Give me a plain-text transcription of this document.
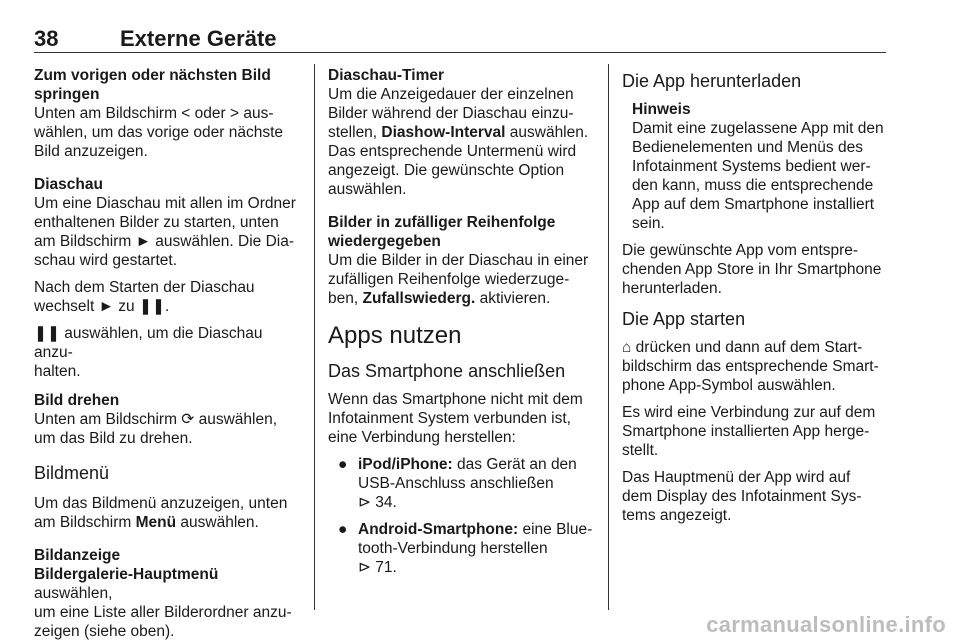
38	Externe Geräte
Zum vorigen oder nächsten Bild
springen
Unten am Bildschirm < oder > aus-
wählen, um das vorige oder nächste
Bild anzuzeigen.
Diaschau

Um eine Diaschau mit allen im Ordner
enthaltenen Bilder zu starten, unten
am Bildschirm ► auswählen. Die Dia-
schau wird gestartet.

Nach dem Starten der Diaschau
wechselt ► zu ❚❚.

❚❚ auswählen, um die Diaschau anzu-
halten.

Bild drehen
Unten am Bildschirm ⟳ auswählen,
um das Bild zu drehen.
Bildmenü
Um das Bildmenü anzuzeigen, unten
am Bildschirm Menü auswählen.
Bildanzeige
Bildergalerie-Hauptmenü auswählen,
um eine Liste aller Bilderordner anzu-
zeigen (siehe oben).
Diaschau-Timer
Um die Anzeigedauer der einzelnen
Bilder während der Diaschau einzu-
stellen, Diashow-Interval auswählen.
Das entsprechende Untermenü wird
angezeigt. Die gewünschte Option
auswählen.
Bilder in zufälliger Reihenfolge
wiedergegeben
Um die Bilder in der Diaschau in einer
zufälligen Reihenfolge wiederzuge-
ben, Zufallswiederg. aktivieren.
Apps nutzen
Das Smartphone anschließen

Wenn das Smartphone nicht mit dem
Infotainment System verbunden ist,
eine Verbindung herstellen:

● iPod/iPhone: das Gerät an den
USB-Anschluss anschließen
⊳ 34.
● Android-Smartphone: eine Blue-
tooth-Verbindung herstellen
⊳ 71.
Die App herunterladen
Hinweis
Damit eine zugelassene App mit den
Bedienelementen und Menüs des
Infotainment Systems bedient wer-
den kann, muss die entsprechende
App auf dem Smartphone installiert
sein.

Die gewünschte App vom entspre-
chenden App Store in Ihr Smartphone
herunterladen.

Die App starten

⌂ drücken und dann auf dem Start-
bildschirm das entsprechende Smart-
phone App-Symbol auswählen.

Es wird eine Verbindung zur auf dem
Smartphone installierten App herge-
stellt.

Das Hauptmenü der App wird auf
dem Display des Infotainment Sys-
tems angezeigt.

carmanualsonline.info
